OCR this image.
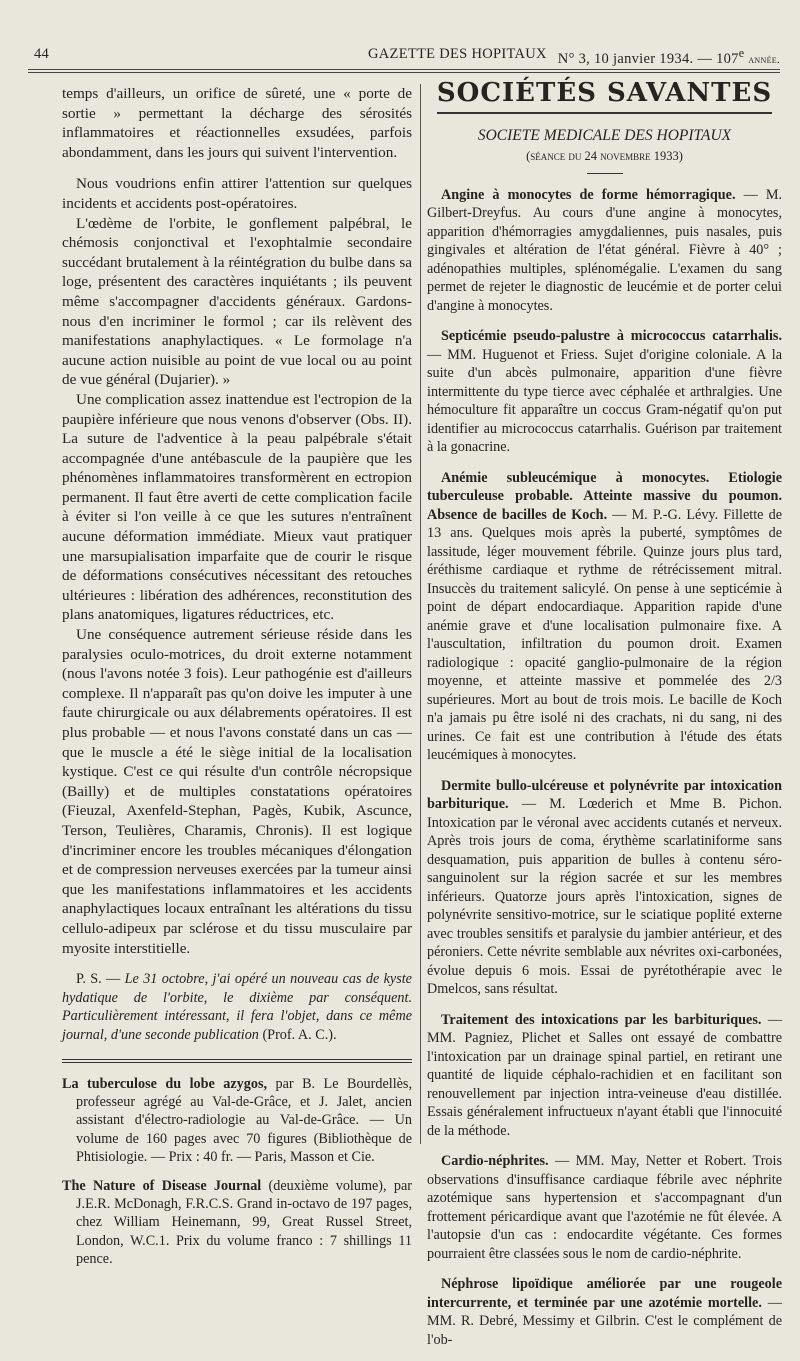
44	GAZETTE DES HOPITAUX N° 3, 10 janvier 1934. — 107e année.

temps d'ailleurs, un orifice de sûreté, une « porte de sortie » permettant la décharge des sérosités inflammatoires et réactionnelles exsudées, parfois abondamment, dans les jours qui suivent l'intervention.

Nous voudrions enfin attirer l'attention sur quelques incidents et accidents post-opératoires.

L'œdème de l'orbite, le gonflement palpébral, le chémosis conjonctival et l'exophtalmie secondaire succédant brutalement à la réintégration du bulbe dans sa loge, présentent des caractères inquiétants ; ils peuvent même s'accompagner d'accidents généraux. Gardons-nous d'en incriminer le formol ; car ils relèvent des manifestations anaphylactiques. « Le formolage n'a aucune action nuisible au point de vue local ou au point de vue général (Dujarier). »

Une complication assez inattendue est l'ectropion de la paupière inférieure que nous venons d'observer (Obs. II). La suture de l'adventice à la peau palpébrale s'était accompagnée d'une antébascule de la paupière que les phénomènes inflammatoires transformèrent en ectropion permanent. Il faut être averti de cette complication facile à éviter si l'on veille à ce que les sutures n'entraînent aucune déformation immédiate. Mieux vaut pratiquer une marsupialisation imparfaite que de courir le risque de déformations consécutives nécessitant des retouches ultérieures : libération des adhérences, reconstitution des plans anatomiques, ligatures réductrices, etc.

Une conséquence autrement sérieuse réside dans les paralysies oculo-motrices, du droit externe notamment (nous l'avons notée 3 fois). Leur pathogénie est d'ailleurs complexe. Il n'apparaît pas qu'on doive les imputer à une faute chirurgicale ou aux délabrements opératoires. Il est plus probable — et nous l'avons constaté dans un cas — que le muscle a été le siège initial de la localisation kystique. C'est ce qui résulte d'un contrôle nécropsique (Bailly) et de multiples constatations opératoires (Fieuzal, Axenfeld-Stephan, Pagès, Kubik, Ascunce, Terson, Teulières, Charamis, Chronis). Il est logique d'incriminer encore les troubles mécaniques d'élongation et de compression nerveuses exercées par la tumeur ainsi que les manifestations inflammatoires et les accidents anaphylactiques locaux entraînant les altérations du tissu cellulo-adipeux par sclérose et du tissu musculaire par myosite interstitielle.

P. S. — Le 31 octobre, j'ai opéré un nouveau cas de kyste hydatique de l'orbite, le dixième par conséquent. Particulièrement intéressant, il fera l'objet, dans ce même journal, d'une seconde publication (Prof. A. C.).

La tuberculose du lobe azygos, par B. Le Bourdellès, professeur agrégé au Val-de-Grâce, et J. Jalet, ancien assistant d'électro-radiologie au Val-de-Grâce. — Un volume de 160 pages avec 70 figures (Bibliothèque de Phtisiologie. — Prix : 40 fr. — Paris, Masson et Cie.

The Nature of Disease Journal (deuxième volume), par J.E.R. McDonagh, F.R.C.S. Grand in-octavo de 197 pages, chez William Heinemann, 99, Great Russel Street, London, W.C.1. Prix du volume franco : 7 shillings 11 pence.

SOCIÉTÉS SAVANTES
SOCIETE MEDICALE DES HOPITAUX
(séance du 24 novembre 1933)

Angine à monocytes de forme hémorragique. — M. Gilbert-Dreyfus. Au cours d'une angine à monocytes, apparition d'hémorragies amygdaliennes, puis nasales, puis gingivales et altération de l'état général. Fièvre à 40° ; adénopathies multiples, splénomégalie. L'examen du sang permet de rejeter le diagnostic de leucémie et de porter celui d'angine à monocytes.

Septicémie pseudo-palustre à micrococcus catarrhalis. — MM. Huguenot et Friess. Sujet d'origine coloniale. A la suite d'un abcès pulmonaire, apparition d'une fièvre intermittente du type tierce avec céphalée et arthralgies. Une hémoculture fit apparaître un coccus Gram-négatif qu'on put identifier au micrococcus catarrhalis. Guérison par traitement à la gonacrine.

Anémie subleucémique à monocytes. Etiologie tuberculeuse probable. Atteinte massive du poumon. Absence de bacilles de Koch. — M. P.-G. Lévy. Fillette de 13 ans. Quelques mois après la puberté, symptômes de lassitude, léger mouvement fébrile. Quinze jours plus tard, éréthisme cardiaque et rythme de rétrécissement mitral. Insuccès du traitement salicylé. On pense à une septicémie à point de départ endocardiaque. Apparition rapide d'une anémie grave et d'une localisation pulmonaire fixe. A l'auscultation, infiltration du poumon droit. Examen radiologique : opacité ganglio-pulmonaire de la région moyenne, et atteinte massive et pommelée des 2/3 supérieures. Mort au bout de trois mois. Le bacille de Koch n'a jamais pu être isolé ni des crachats, ni du sang, ni des urines. Ce fait est une contribution à l'étude des états leucémiques à monocytes.

Dermite bullo-ulcéreuse et polynévrite par intoxication barbiturique. — M. Lœderich et Mme B. Pichon. Intoxication par le véronal avec accidents cutanés et nerveux. Après trois jours de coma, érythème scarlatiniforme sans desquamation, puis apparition de bulles à contenu séro-sanguinolent sur la région sacrée et sur les membres inférieurs. Quatorze jours après l'intoxication, signes de polynévrite sensitivo-motrice, sur le sciatique poplité externe avec troubles sensitifs et paralysie du jambier antérieur, et des péroniers. Cette névrite semblable aux névrites oxi-carbonées, évolue depuis 6 mois. Essai de pyrétothérapie avec le Dmelcos, sans résultat.

Traitement des intoxications par les barbituriques. — MM. Pagniez, Plichet et Salles ont essayé de combattre l'intoxication par un drainage spinal partiel, en retirant une quantité de liquide céphalo-rachidien et en facilitant son renouvellement par injection intra-veineuse d'eau distillée. Essais généralement infructueux n'ayant établi que l'innocuité de la méthode.

Cardio-néphrites. — MM. May, Netter et Robert. Trois observations d'insuffisance cardiaque fébrile avec néphrite azotémique sans hypertension et s'accompagnant d'un frottement péricardique avant que l'azotémie ne fût élevée. A l'autopsie d'un cas : endocardite végétante. Ces formes pourraient être classées sous le nom de cardio-néphrite.

Néphrose lipoïdique améliorée par une rougeole intercurrente, et terminée par une azotémie mortelle. — MM. R. Debré, Messimy et Gilbrin. C'est le complément de l'ob-
